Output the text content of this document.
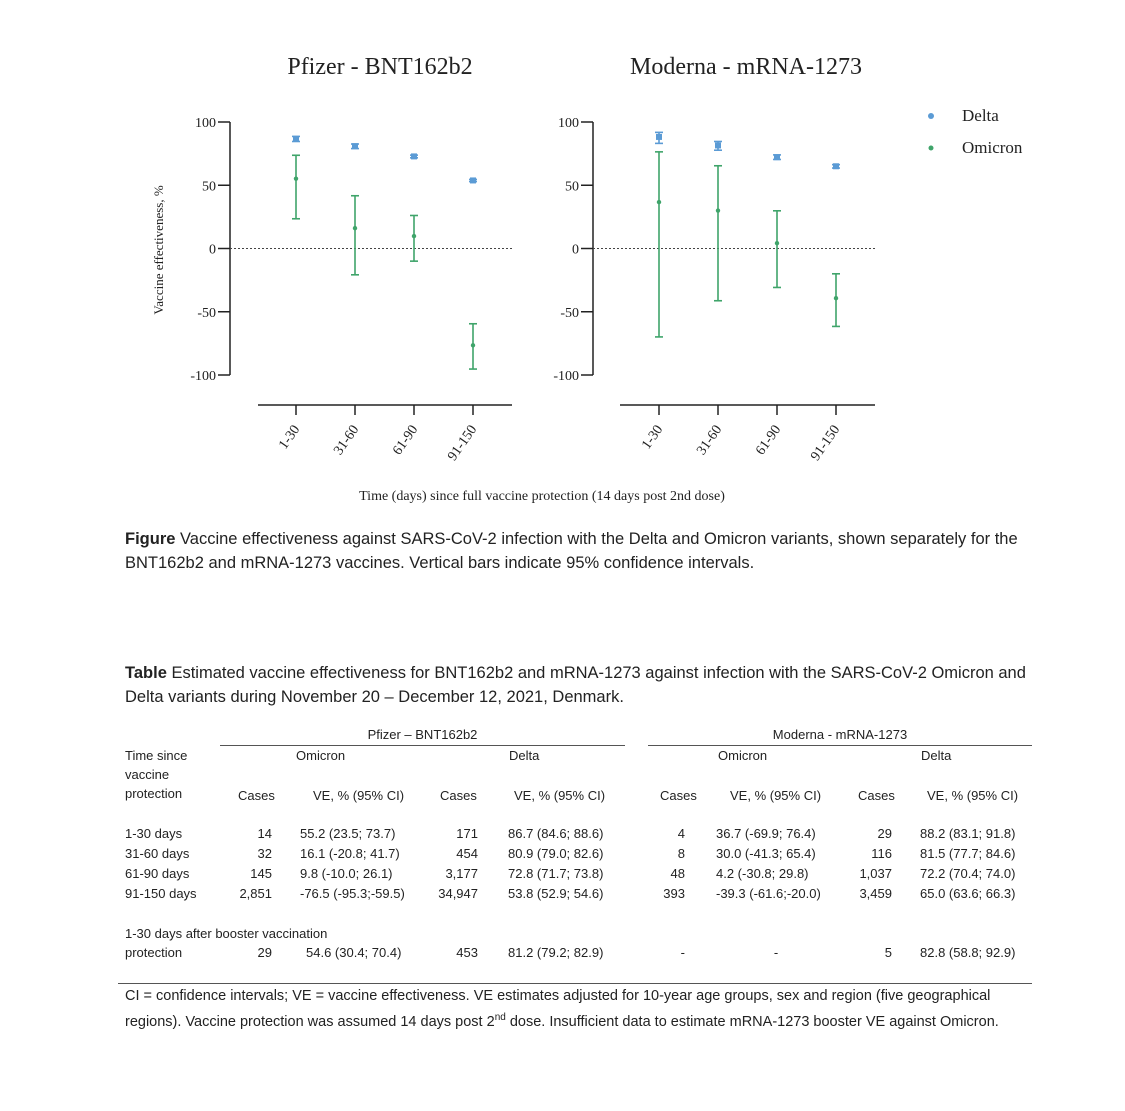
Pfizer - BNT162b2	Moderna - mRNA-1273
Vaccine effectiveness, %
Time (days) since full vaccine protection (14 days post 2nd dose)
Delta
Omicron
100
50
0
-50
-100
1-30 31-60 61-90 91-150
100
50
0
-50
-100
1-30 31-60 61-90 91-150
Figure Vaccine effectiveness against SARS-CoV-2 infection with the Delta and Omicron variants, shown separately for the BNT162b2 and mRNA-1273 vaccines. Vertical bars indicate 95% confidence intervals.
Table Estimated vaccine effectiveness for BNT162b2 and mRNA-1273 against infection with the SARS-CoV-2 Omicron and Delta variants during November 20 – December 12, 2021, Denmark.
Pfizer – BNT162b2	Moderna - mRNA-1273
Omicron	Delta	Omicron	Delta
Time since
vaccine
protection	Cases	VE, % (95% CI)	Cases	VE, % (95% CI)	Cases	VE, % (95% CI)	Cases VE, % (95% CI)
1-30 days	14 55.2 (23.5; 73.7)	171 86.7 (84.6; 88.6)	4 36.7 (-69.9; 76.4)	29 88.2 (83.1; 91.8)
31-60 days	32 16.1 (-20.8; 41.7)	454 80.9 (79.0; 82.6)	8 30.0 (-41.3; 65.4)	116 81.5 (77.7; 84.6)
61-90 days	145 9.8 (-10.0; 26.1)	3,177 72.8 (71.7; 73.8)	48 4.2 (-30.8; 29.8)	1,037 72.2 (70.4; 74.0)
91-150 days	2,851 -76.5 (-95.3;-59.5)	34,947 53.8 (52.9; 54.6)	393 -39.3 (-61.6;-20.0)	3,459 65.0 (63.6; 66.3)
1-30 days after booster vaccination
protection	29	54.6 (30.4; 70.4)	453 81.2 (79.2; 82.9)	-	-	5 82.8 (58.8; 92.9)
CI = confidence intervals; VE = vaccine effectiveness. VE estimates adjusted for 10-year age groups, sex and region (five geographical regions). Vaccine protection was assumed 14 days post 2nd dose. Insufficient data to estimate mRNA-1273 booster VE against Omicron.
